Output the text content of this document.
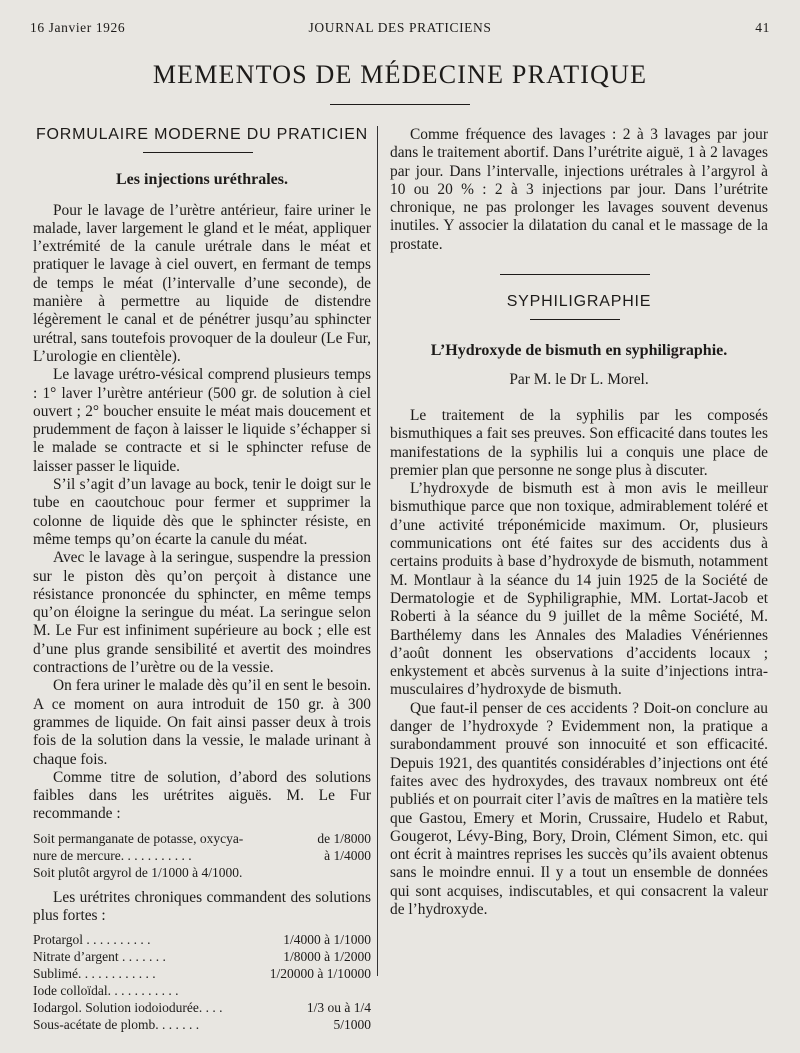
16 Janvier 1926	JOURNAL DES PRATICIENS	41
MEMENTOS DE MÉDECINE PRATIQUE
FORMULAIRE MODERNE DU PRATICIEN
Les injections uréthrales.

Pour le lavage de l’urètre antérieur, faire uriner le malade, laver largement le gland et le méat, appliquer l’extrémité de la canule urétrale dans le méat et pratiquer le lavage à ciel ouvert, en fermant de temps de temps le méat (l’intervalle d’une seconde), de manière à permettre au liquide de distendre légèrement le canal et de pénétrer jusqu’au sphincter urétral, sans toutefois provoquer de la douleur (Le Fur, L’urologie en clientèle).

Le lavage urétro-vésical comprend plusieurs temps : 1° laver l’urètre antérieur (500 gr. de solution à ciel ouvert ; 2° boucher ensuite le méat mais doucement et prudemment de façon à laisser le liquide s’échapper si le malade se contracte et si le sphincter refuse de laisser passer le liquide.

S’il s’agit d’un lavage au bock, tenir le doigt sur le tube en caoutchouc pour fermer et supprimer la colonne de liquide dès que le sphincter résiste, en même temps qu’on écarte la canule du méat.

Avec le lavage à la seringue, suspendre la pression sur le piston dès qu’on perçoit à distance une résistance prononcée du sphincter, en même temps qu’on éloigne la seringue du méat. La seringue selon M. Le Fur est infiniment supérieure au bock ; elle est d’une plus grande sensibilité et avertit des moindres contractions de l’urètre ou de la vessie.

On fera uriner le malade dès qu’il en sent le besoin. A ce moment on aura introduit de 150 gr. à 300 grammes de liquide. On fait ainsi passer deux à trois fois de la solution dans la vessie, le malade urinant à chaque fois.

Comme titre de solution, d’abord des solutions faibles dans les urétrites aiguës. M. Le Fur recommande :

Soit permanganate de potasse, oxycya-	de 1/8000
nure de mercure. . . . . . . . . . .	à 1/4000
Soit plutôt argyrol de 1/1000 à 4/1000.

Les urétrites chroniques commandent des solutions plus fortes :

Protargol . . . . . . . . . .	1/4000 à 1/1000
Nitrate d’argent . . . . . . .	1/8000 à 1/2000
Sublimé. . . . . . . . . . . .	1/20000 à 1/10000
Iode colloïdal. . . . . . . . . . .
Iodargol. Solution iodoiodurée. . . .	1/3 ou à 1/4
Sous-acétate de plomb. . . . . . .	5/1000

Comme fréquence des lavages : 2 à 3 lavages par jour dans le traitement abortif. Dans l’urétrite aiguë, 1 à 2 lavages par jour. Dans l’intervalle, injections urétrales à l’argyrol à 10 ou 20 % : 2 à 3 injections par jour. Dans l’urétrite chronique, ne pas prolonger les lavages souvent devenus inutiles. Y associer la dilatation du canal et le massage de la prostate.

SYPHILIGRAPHIE
L’Hydroxyde de bismuth en syphiligraphie.
Par M. le Dr L. Morel.

Le traitement de la syphilis par les composés bismuthiques a fait ses preuves. Son efficacité dans toutes les manifestations de la syphilis lui a conquis une place de premier plan que personne ne songe plus à discuter.

L’hydroxyde de bismuth est à mon avis le meilleur bismuthique parce que non toxique, admirablement toléré et d’une activité tréponémicide maximum. Or, plusieurs communications ont été faites sur des accidents dus à certains produits à base d’hydroxyde de bismuth, notamment M. Montlaur à la séance du 14 juin 1925 de la Société de Dermatologie et de Syphiligraphie, MM. Lortat-Jacob et Roberti à la séance du 9 juillet de la même Société, M. Barthélemy dans les Annales des Maladies Vénériennes d’août donnent les observations d’accidents locaux ; enkystement et abcès survenus à la suite d’injections intra-musculaires d’hydroxyde de bismuth.

Que faut-il penser de ces accidents ? Doit-on conclure au danger de l’hydroxyde ? Evidemment non, la pratique a surabondamment prouvé son innocuité et son efficacité. Depuis 1921, des quantités considérables d’injections ont été faites avec des hydroxydes, des travaux nombreux ont été publiés et on pourrait citer l’avis de maîtres en la matière tels que Gastou, Emery et Morin, Crussaire, Hudelo et Rabut, Gougerot, Lévy-Bing, Bory, Droin, Clément Simon, etc. qui ont écrit à maintres reprises les succès qu’ils avaient obtenus sans le moindre ennui. Il y a tout un ensemble de données qui sont acquises, indiscutables, et qui consacrent la valeur de l’hydroxyde.
